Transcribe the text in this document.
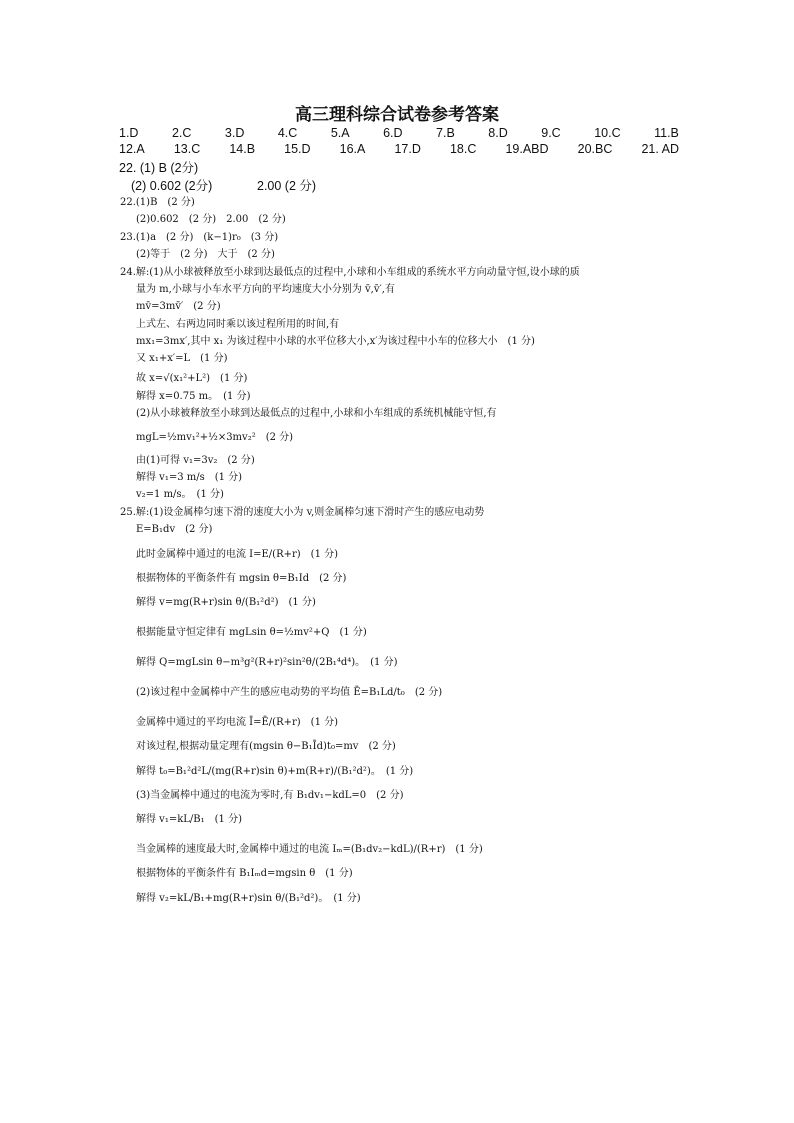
高三理科综合试卷参考答案
1.D	2.C	3.D	4.C	5.A	6.D	7.B	8.D	9.C	10.C	11.B
12.A 13.C 14.B 15.D 16.A 17.D 18.C 19.ABD 20.BC 21. AD
22. (1) B (2分)
(2) 0.602 (2分)	2.00 (2 分)
22.(1)B　(2 分)
(2)0.602　(2 分)　2.00　(2 分)
23.(1)a　(2 分)　(k−1)r₀　(3 分)
(2)等于　(2 分)　大于　(2 分)
24.解:(1)从小球被释放至小球到达最低点的过程中,小球和小车组成的系统水平方向动量守恒,设小球的质
量为 m,小球与小车水平方向的平均速度大小分别为 v̄,v̄′,有
mv̄=3mv̄′　(2 分)
上式左、右两边同时乘以该过程所用的时间,有
mx₁=3mx′,其中 x₁ 为该过程中小球的水平位移大小,x′为该过程中小车的位移大小　(1 分)
又 x₁+x′=L　(1 分)
故 x=√(x₁²+L²)　(1 分)
解得 x=0.75 m。　(1 分)
(2)从小球被释放至小球到达最低点的过程中,小球和小车组成的系统机械能守恒,有
mgL=½mv₁²+½×3mv₂²　(2 分)
由(1)可得 v₁=3v₂　(2 分)
解得 v₁=3 m/s　(1 分)
v₂=1 m/s。　(1 分)
25.解:(1)设金属棒匀速下滑的速度大小为 v,则金属棒匀速下滑时产生的感应电动势
E=B₁dv　(2 分)
此时金属棒中通过的电流 I=E/(R+r)　(1 分)
根据物体的平衡条件有 mgsin θ=B₁Id　(2 分)
解得 v=mg(R+r)sin θ/(B₁²d²)　(1 分)
根据能量守恒定律有 mgLsin θ=½mv²+Q　(1 分)
解得 Q=mgLsin θ−m³g²(R+r)²sin²θ/(2B₁⁴d⁴)。　(1 分)
(2)该过程中金属棒中产生的感应电动势的平均值 Ē=B₁Ld/t₀　(2 分)
金属棒中通过的平均电流 Ī=Ē/(R+r)　(1 分)
对该过程,根据动量定理有(mgsin θ−B₁Īd)t₀=mv　(2 分)
解得 t₀=B₁²d²L/(mg(R+r)sin θ)+m(R+r)/(B₁²d²)。　(1 分)
(3)当金属棒中通过的电流为零时,有 B₁dv₁−kdL=0　(2 分)
解得 v₁=kL/B₁　(1 分)
当金属棒的速度最大时,金属棒中通过的电流 Iₘ=(B₁dv₂−kdL)/(R+r)　(1 分)
根据物体的平衡条件有 B₁Iₘd=mgsin θ　(1 分)
解得 v₂=kL/B₁+mg(R+r)sin θ/(B₁²d²)。　(1 分)
